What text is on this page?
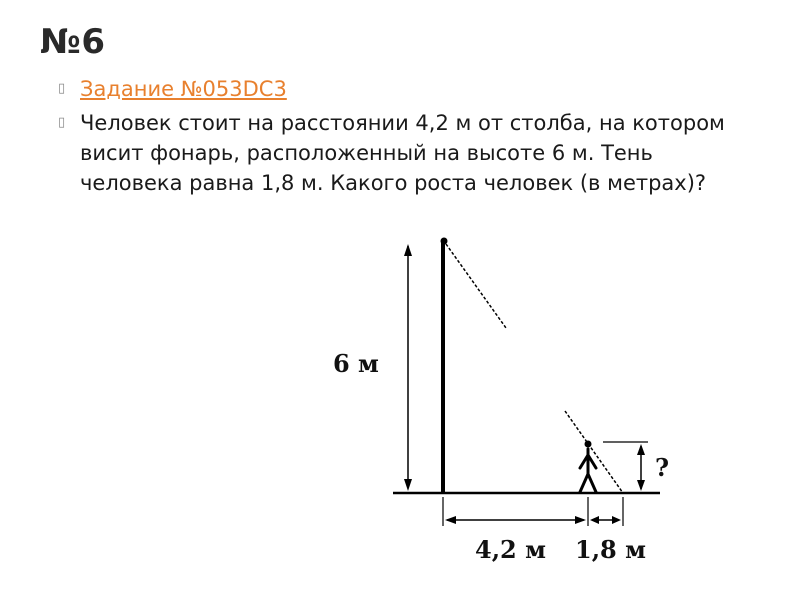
№6
▯ Задание №053DC3
▯ Человек стоит на расстоянии 4,2 м от столба, на котором висит фонарь, расположенный на высоте 6 м. Тень человека равна 1,8 м. Какого роста человек (в метрах)?
6 м
?
4,2 м 1,8 м
